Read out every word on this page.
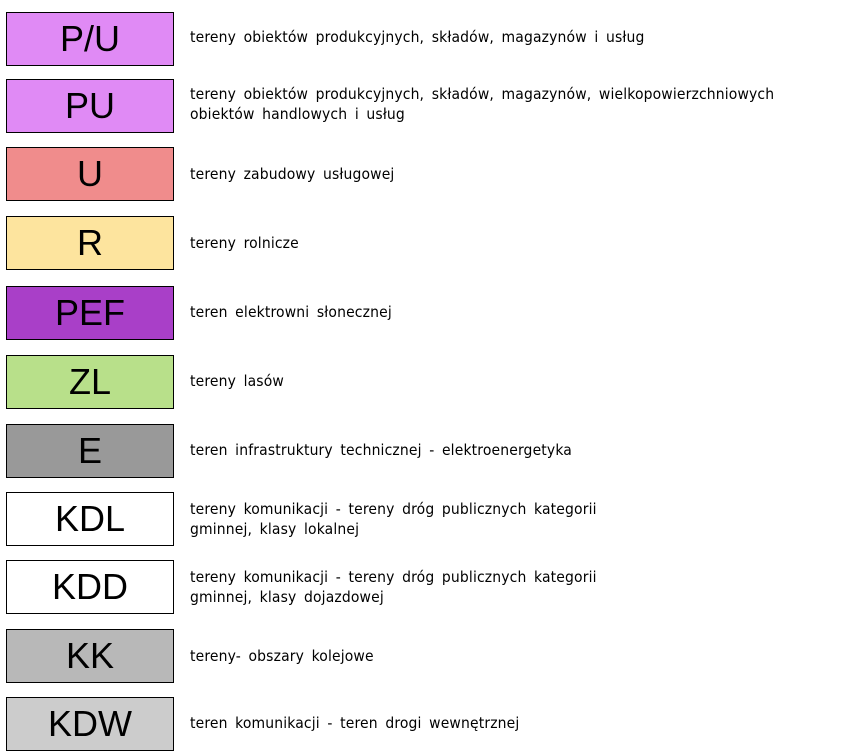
P/U	tereny obiektów produkcyjnych, składów, magazynów i usług
PU	tereny obiektów produkcyjnych, składów, magazynów, wielkopowierzchniowych
obiektów handlowych i usług
U	tereny zabudowy usługowej
R	tereny rolnicze
PEF	teren elektrowni słonecznej
ZL	tereny lasów
E	teren infrastruktury technicznej - elektroenergetyka
KDL	tereny komunikacji - tereny dróg publicznych kategorii
gminnej, klasy lokalnej
KDD	tereny komunikacji - tereny dróg publicznych kategorii
gminnej, klasy dojazdowej
KK	tereny- obszary kolejowe
KDW	teren komunikacji - teren drogi wewnętrznej
